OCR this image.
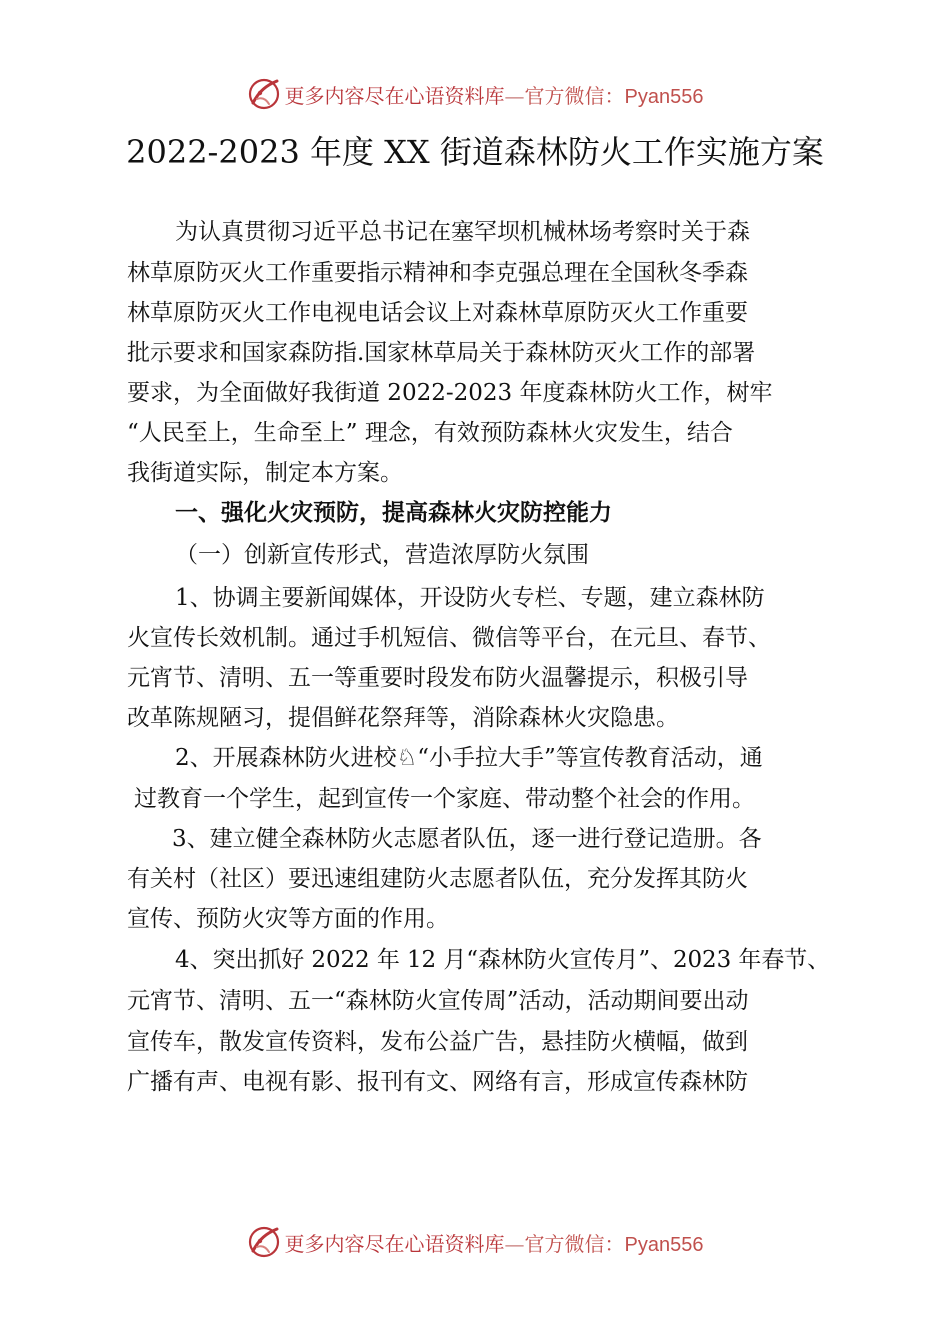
更多内容尽在心语资料库—官方微信：Pyan556
2022-2023 年度 XX 街道森林防火工作实施方案
为认真贯彻习近平总书记在塞罕坝机械林场考察时关于森
林草原防灭火工作重要指示精神和李克强总理在全国秋冬季森
林草原防灭火工作电视电话会议上对森林草原防灭火工作重要
批示要求和国家森防指.国家林草局关于森林防灭火工作的部署
要求，为全面做好我街道 2022-2023 年度森林防火工作，树牢
“人民至上，生命至上” 理念，有效预防森林火灾发生，结合
我街道实际，制定本方案。
一、强化火灾预防，提高森林火灾防控能力
（一）创新宣传形式，营造浓厚防火氛围
1、协调主要新闻媒体，开设防火专栏、专题，建立森林防
火宣传长效机制。通过手机短信、微信等平台，在元旦、春节、
元宵节、清明、五一等重要时段发布防火温馨提示，积极引导
改革陈规陋习，提倡鲜花祭拜等，消除森林火灾隐患。
2、开展森林防火进校♘“小手拉大手”等宣传教育活动，通
过教育一个学生，起到宣传一个家庭、带动整个社会的作用。
3、建立健全森林防火志愿者队伍，逐一进行登记造册。各
有关村（社区）要迅速组建防火志愿者队伍，充分发挥其防火
宣传、预防火灾等方面的作用。
4、突出抓好 2022 年 12 月“森林防火宣传月”、2023 年春节、
元宵节、清明、五一“森林防火宣传周”活动，活动期间要出动
宣传车，散发宣传资料，发布公益广告，悬挂防火横幅，做到
广播有声、电视有影、报刊有文、网络有言，形成宣传森林防
更多内容尽在心语资料库—官方微信：Pyan556
